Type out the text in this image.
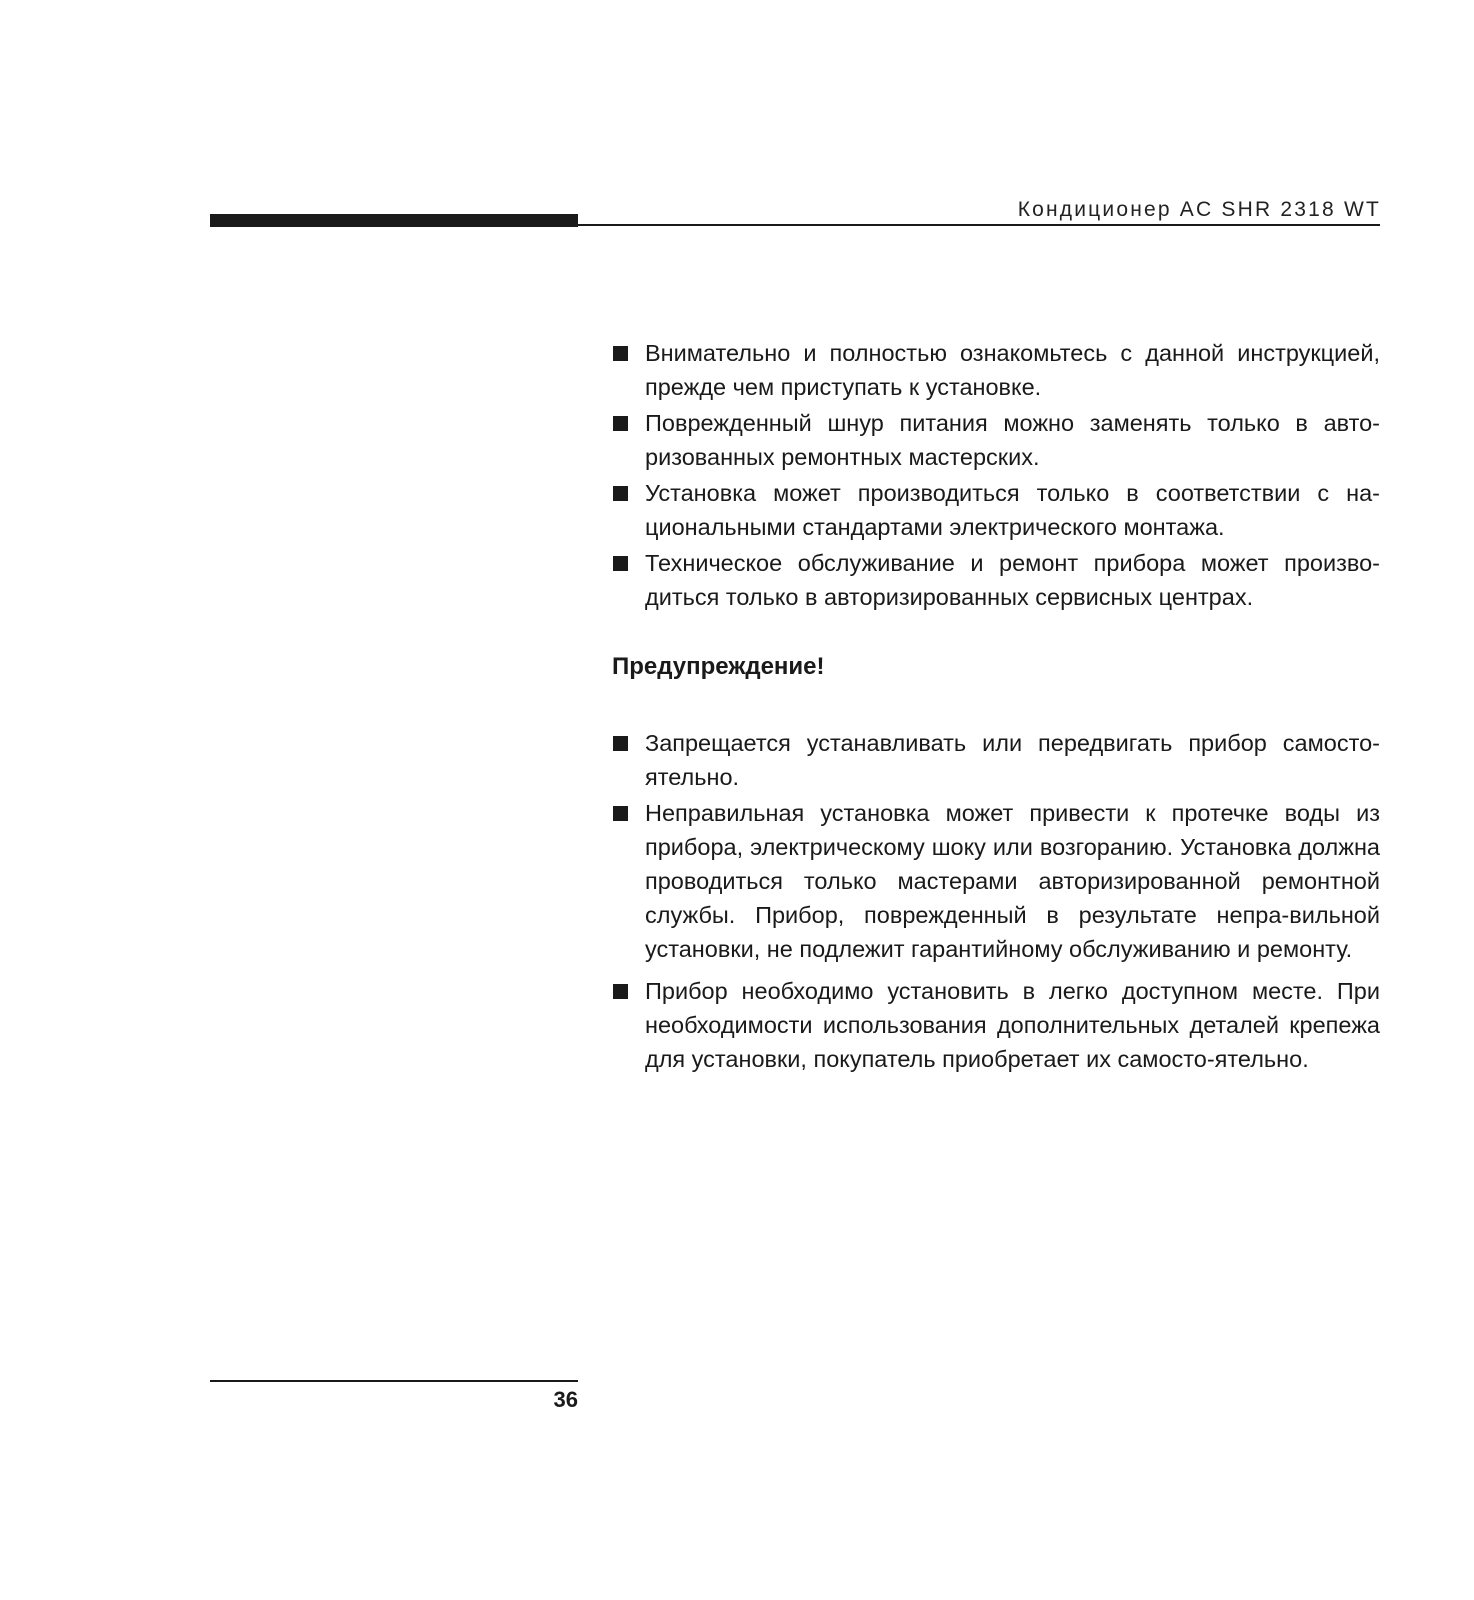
Кондиционер AC SHR 2318 WT
Внимательно и полностью ознакомьтесь с данной инструкцией, прежде чем приступать к установке.
Поврежденный шнур питания можно заменять только в авто-ризованных ремонтных мастерских.
Установка может производиться только в соответствии с на-циональными стандартами электрического монтажа.
Техническое обслуживание и ремонт прибора может произво-диться только в авторизированных сервисных центрах.
Предупреждение!
Запрещается устанавливать или передвигать прибор самосто-ятельно.
Неправильная установка может привести к протечке воды из прибора, электрическому шоку или возгоранию. Установка должна проводиться только мастерами авторизированной ремонтной службы. Прибор, поврежденный в результате непра-вильной установки, не подлежит гарантийному обслуживанию и ремонту.
Прибор необходимо установить в легко доступном месте. При необходимости использования дополнительных деталей крепежа для установки, покупатель приобретает их самосто-ятельно.
36
